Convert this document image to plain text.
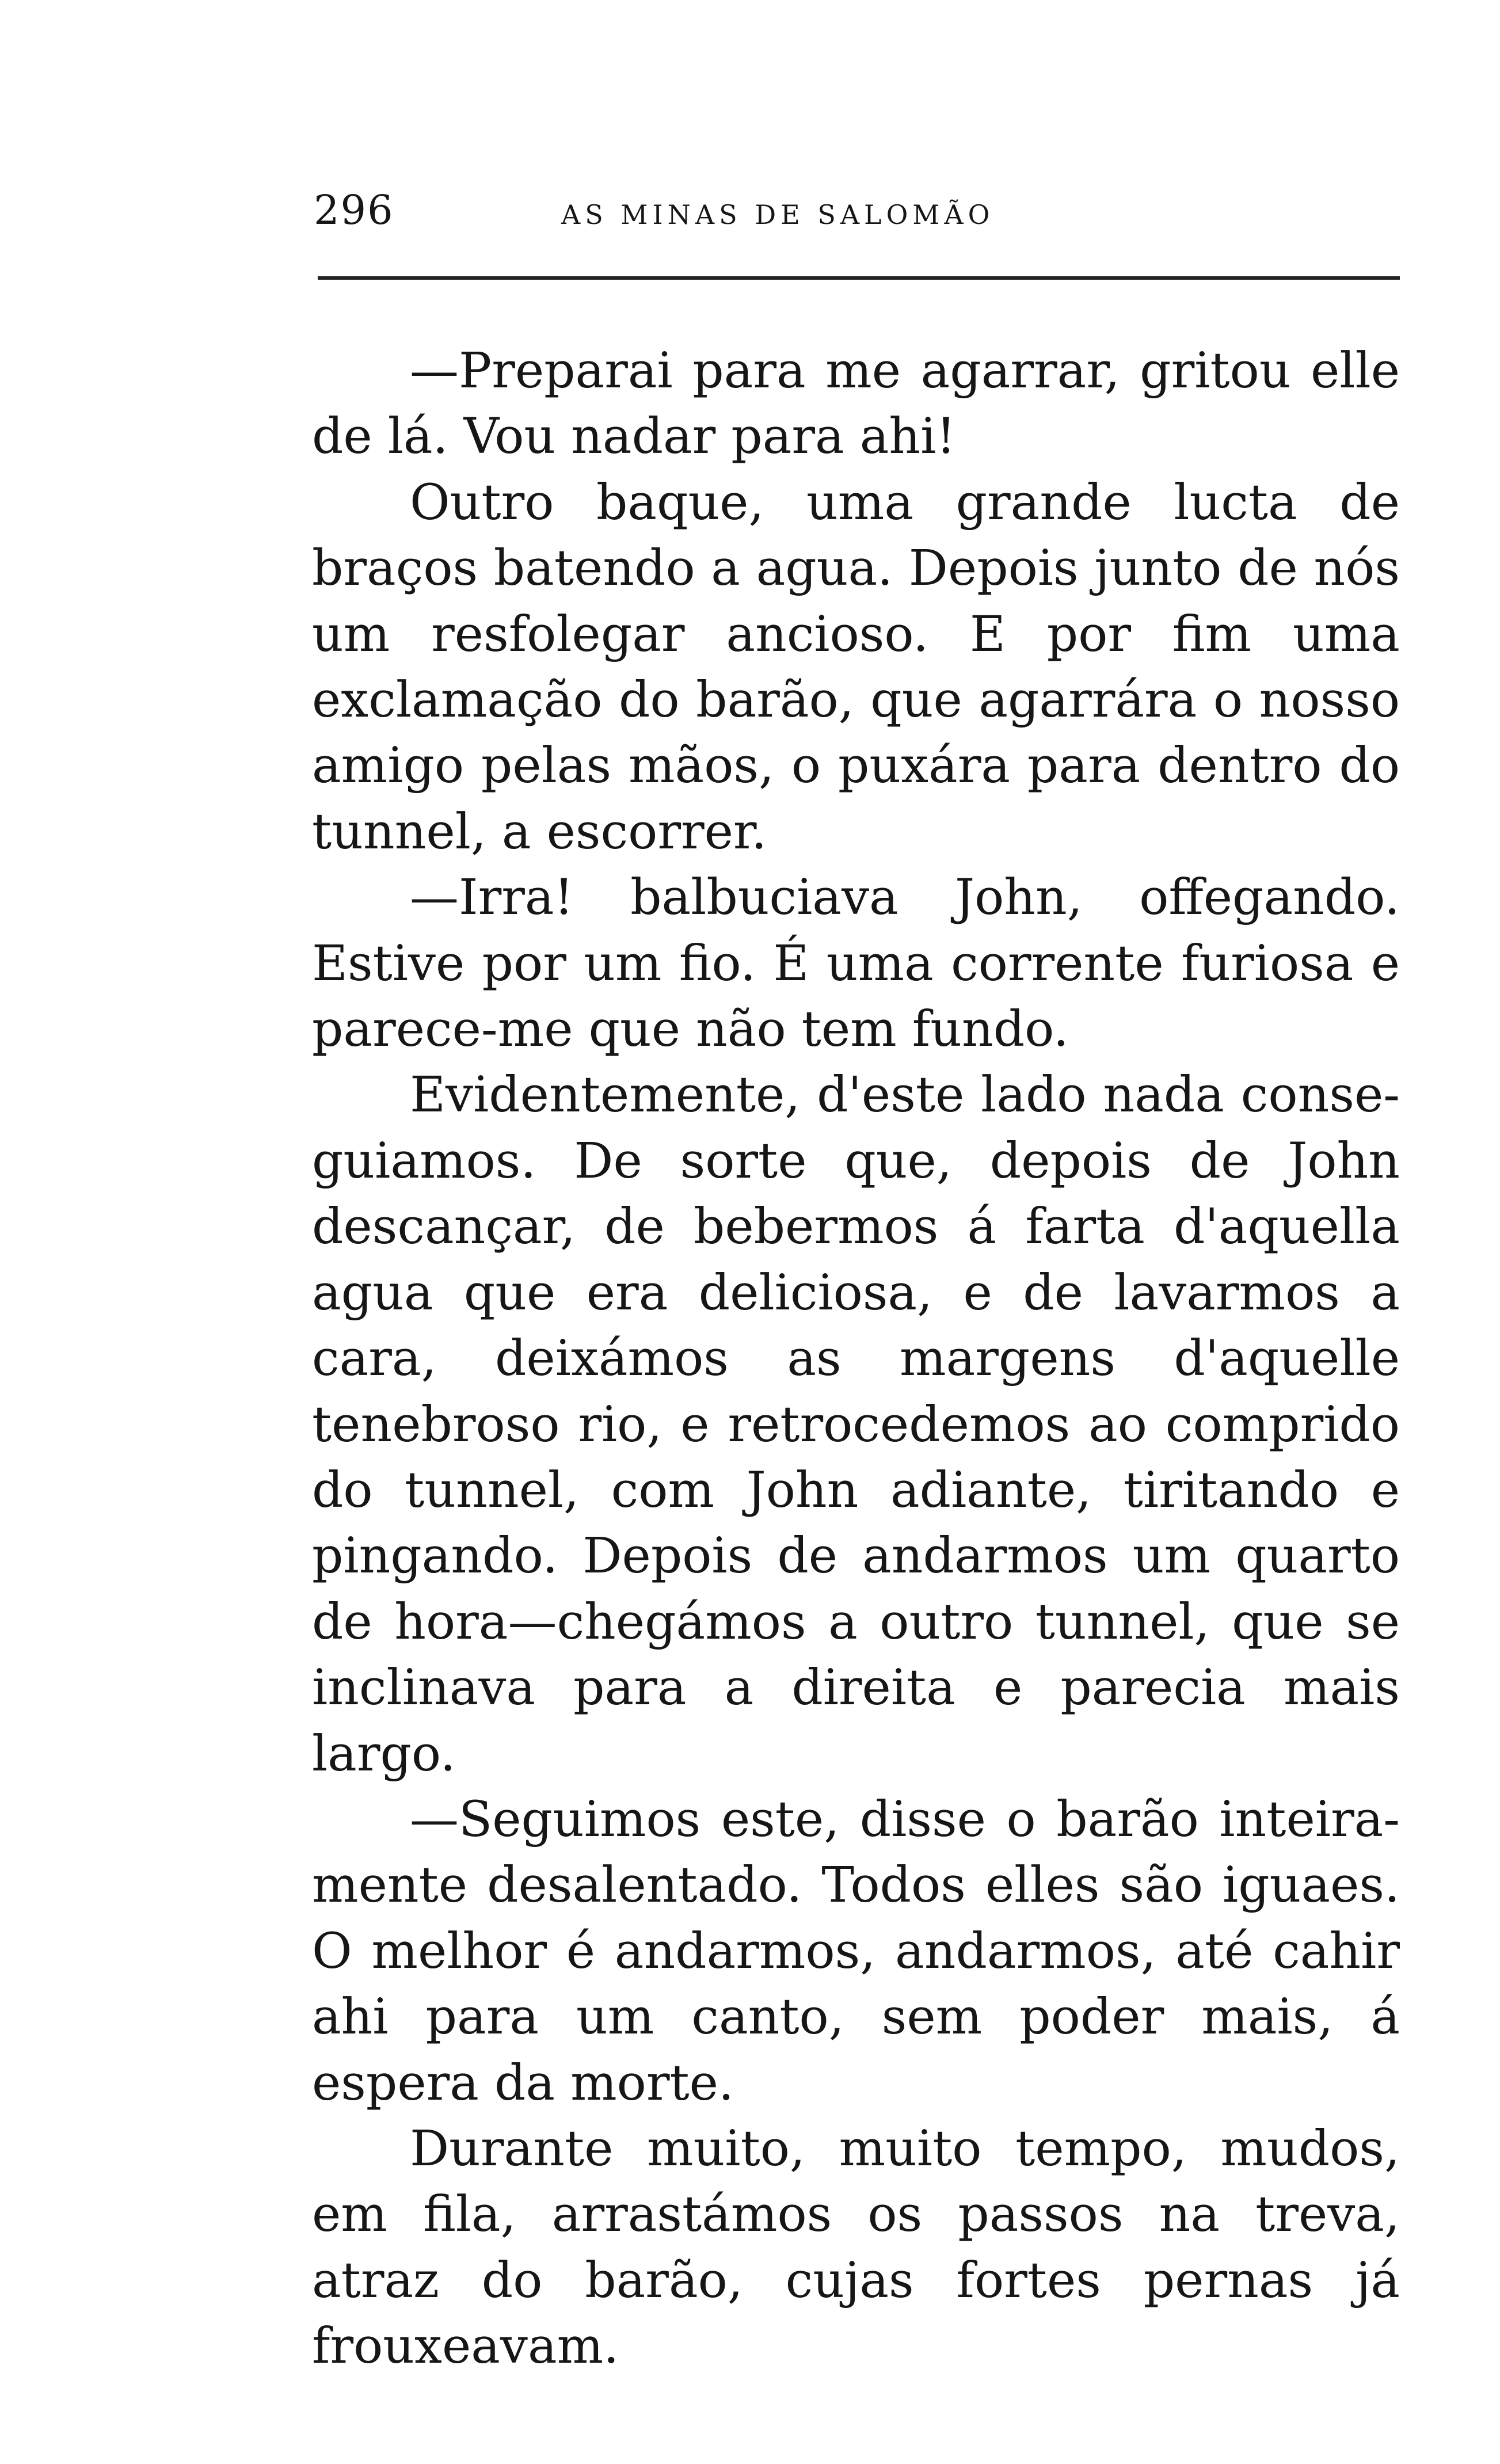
296	AS MINAS DE SALOMÃO

—Preparai para me agarrar, gritou elle de lá. Vou nadar para ahi!

Outro baque, uma grande lucta de braços batendo a agua. Depois junto de nós um resfolegar ancioso. E por fim uma exclamação do barão, que agarrára o nosso amigo pelas mãos, o puxára para dentro do tunnel, a escorrer.

—Irra! balbuciava John, offegando. Estive por um fio. É uma corrente furiosa e parece-me que não tem fundo.

Evidentemente, d'este lado nada conseguiamos. De sorte que, depois de John descançar, de bebermos á farta d'aquella agua que era deliciosa, e de lavarmos a cara, deixámos as margens d'aquelle tenebroso rio, e retrocedemos ao comprido do tunnel, com John adiante, tiritando e pingando. Depois de andarmos um quarto de hora—chegámos a outro tunnel, que se inclinava para a direita e parecia mais largo.

—Seguimos este, disse o barão inteiramente desalentado. Todos elles são iguaes. O melhor é andarmos, andarmos, até cahir ahi para um canto, sem poder mais, á espera da morte.

Durante muito, muito tempo, mudos, em fila, arrastámos os passos na treva, atraz do barão, cujas fortes pernas já frouxeavam.
